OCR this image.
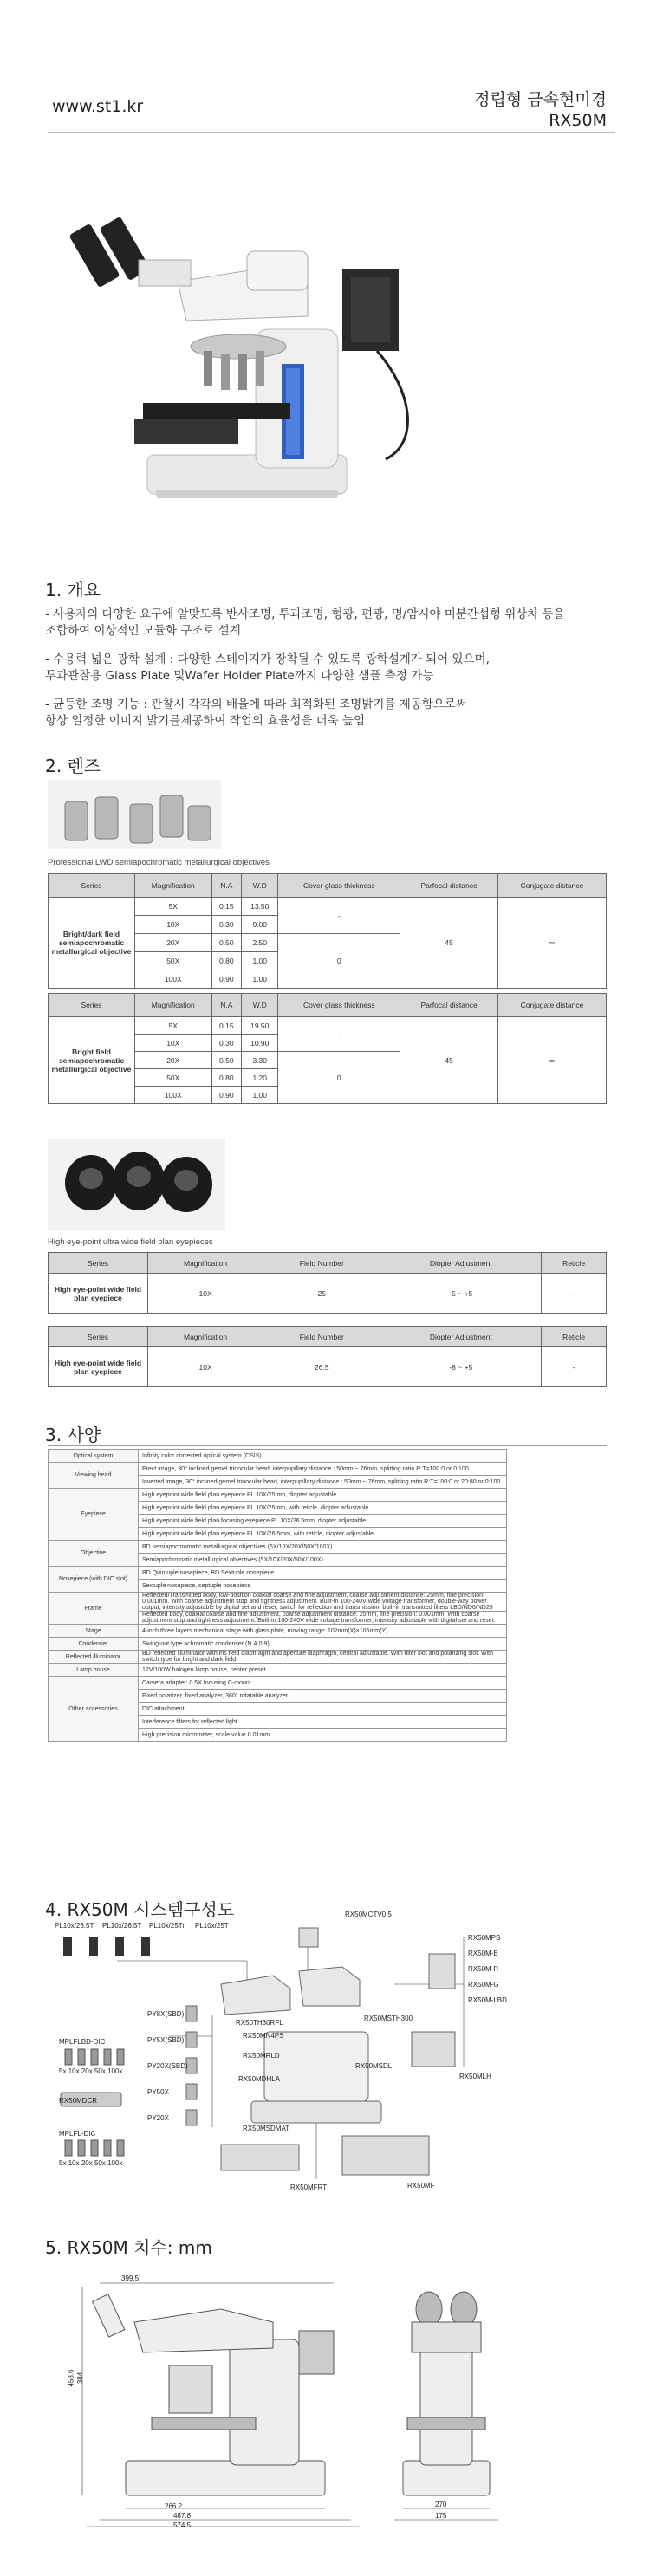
www.st1.kr	정립형 금속현미경
RX50M
1. 개요
- 사용자의 다양한 요구에 알맞도록 반사조명, 투과조명, 형광, 편광, 명/암시야 미분간섭형 위상차 등을
조합하여 이상적인 모듈화 구조로 설계
- 수용력 넓은 광학 설계 : 다양한 스테이지가 장착될 수 있도록 광학설계가 되어 있으며,
투과관찰용 Glass Plate 및Wafer Holder Plate까지 다양한 샘플 측정 가능
- 균등한 조명 기능 : 관찰시 각각의 배율에 따라 최적화된 조명밝기를 제공함으로써
항상 일정한 이미지 밝기를제공하여 작업의 효율성을 더욱 높임
2. 렌즈
Professional LWD semiapochromatic metallurgical objectives
Series	Magnification	N.A	W.D	Cover glass thickness	Parfocal distance	Conjugate distance
Bright/dark field semiapochromatic metallurgical objective	5X	0.15	13.50	-	45	∞
	10X	0.30	9.00			
	20X	0.50	2.50	0		
	50X	0.80	1.00			
	100X	0.90	1.00			
Series	Magnification	N.A	W.D	Cover glass thickness	Parfocal distance	Conjugate distance
Bright field semiapochromatic metallurgical objective	5X	0.15	19.50	-	45	∞
	10X	0.30	10.90			
	20X	0.50	3.30	0		
	50X	0.80	1.20			
	100X	0.90	1.00			
High eye-point ultra wide field plan eyepieces
Series	Magnification	Field Number	Diopter Adjustment	Reticle
High eye-point wide field plan eyepiece	10X	25	-5 ~ +5	-
Series	Magnification	Field Number	Diopter Adjustment	Reticle
High eye-point wide field plan eyepiece	10X	26.5	-8 ~ +5	-
3. 사양
Optical system	Infinity color corrected optical system (CSIS)
Viewing head	Erect image, 30° inclined gemel trinocular head, interpupillary distance : 50mm ~ 76mm, splitting ratio R:T=100:0 or 0:100
	Inverted image, 30° inclined gemel trinocular head, interpupillary distance : 50mm ~ 76mm, splitting ratio R:T=100:0 or 20:80 or 0:100
Eyepiece	High eyepoint wide field plan eyepiece PL 10X/25mm, diopter adjustable
	High eyepoint wide field plan eyepiece PL 10X/25mm, with reticle, diopter adjustable
	High eyepoint wide field plan focusing eyepiece PL 10X/26.5mm, diopter adjustable
	High eyepoint wide field plan eyepiece PL 10X/26.5mm, with reticle, diopter adjustable
Objective	BD semiapochromatic metallurgical objectives (5X/10X/20X/50X/100X)
	Semiapochromatic metallurgical objectives (5X/10X/20X/50X/100X)
Nosepiece (with DIC slot)	BD Quintuple nosepiece, BD Sextuple nosepiece
	Sextuple nosepiece, septuple nosepiece
Frame	Reflected/Transmitted body, low-position coaxial coarse and fine adjustment, coarse adjustment distance: 25mm, fine precision: 0.001mm. With coarse adjustment stop and tightness adjustment. Built-in 100-240V wide voltage transformer, double-way power output, intensity adjustable by digital set and reset; switch for reflection and transmission; built-in transmitted filters LBD/ND6/ND25
	Reflected body, coaxial coarse and fine adjustment, coarse adjustment distance: 25mm, fine precision: 0.001mm. With coarse adjustment stop and tightness adjustment. Built-in 100-240V wide voltage transformer, intensity adjustable with digital set and reset.
Stage	4-inch three layers mechanical stage with glass plate, moving range: 102mm(X)×105mm(Y)
Condenser	Swing-out type achromatic condenser (N.A 0.9)
Reflected illuminator	BD reflected illuminator with iris field diaphragm and aperture diaphragm, central adjustable. With filter slot and polarizing slot. With switch type for bright and dark field.
Lamp house	12V/100W halogen lamp house, center preset
Other accessories	Camera adapter: 0.5X focusing C-mount
	Fixed polarizer, fixed analyzer, 360° rotatable analyzer
	DIC attachment
	Interference filters for reflected light
	High precision micrometer, scale value 0.01mm
4. RX50M 시스템구성도
PL10x/26.5T PL10x/26.5T PL10x/25Tr PL10x/25T
RX50MCTV0.5
RX50MPS
RX50M-B
RX50M-R
RX50M-G
RX50M-LBD
RX50TH30RFL
RX50MSTH300
PY8X(SBD)
PY5X(SBD)
PY20X(SBD)
PY50X
PY20X
MPLFLBD-DIC
MPLFL-DIC
5x 10x 20x 50x 100x
5x 10x 20x 50x 100x
RX50MN4PS
RX50MRLD
RX50MSDLI
RX50MDHLA	RX50MLH
RX50MDCR
RX50MSDMAT
RX50MFRT	RX50MF
5. RX50M 치수: mm
399.5
487.8
574.5
266.2
458.6 384
270
175
